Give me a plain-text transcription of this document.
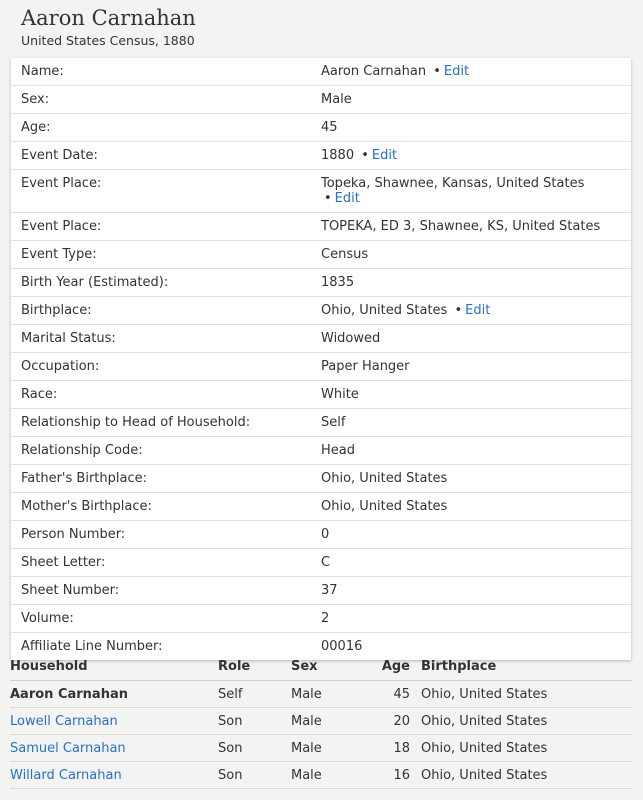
Aaron Carnahan
United States Census, 1880
Name:	Aaron Carnahan • Edit
Sex:	Male
Age:	45
Event Date:	1880 • Edit
Event Place:	Topeka, Shawnee, Kansas, United States • Edit
Event Place:	TOPEKA, ED 3, Shawnee, KS, United States
Event Type:	Census
Birth Year (Estimated):	1835
Birthplace:	Ohio, United States • Edit
Marital Status:	Widowed
Occupation:	Paper Hanger
Race:	White
Relationship to Head of Household:	Self
Relationship Code:	Head
Father's Birthplace:	Ohio, United States
Mother's Birthplace:	Ohio, United States
Person Number:	0
Sheet Letter:	C
Sheet Number:	37
Volume:	2
Affiliate Line Number:	00016
Household	Role	Sex	Age	Birthplace
Aaron Carnahan	Self	Male	45	Ohio, United States
Lowell Carnahan	Son	Male	20	Ohio, United States
Samuel Carnahan	Son	Male	18	Ohio, United States
Willard Carnahan	Son	Male	16	Ohio, United States
